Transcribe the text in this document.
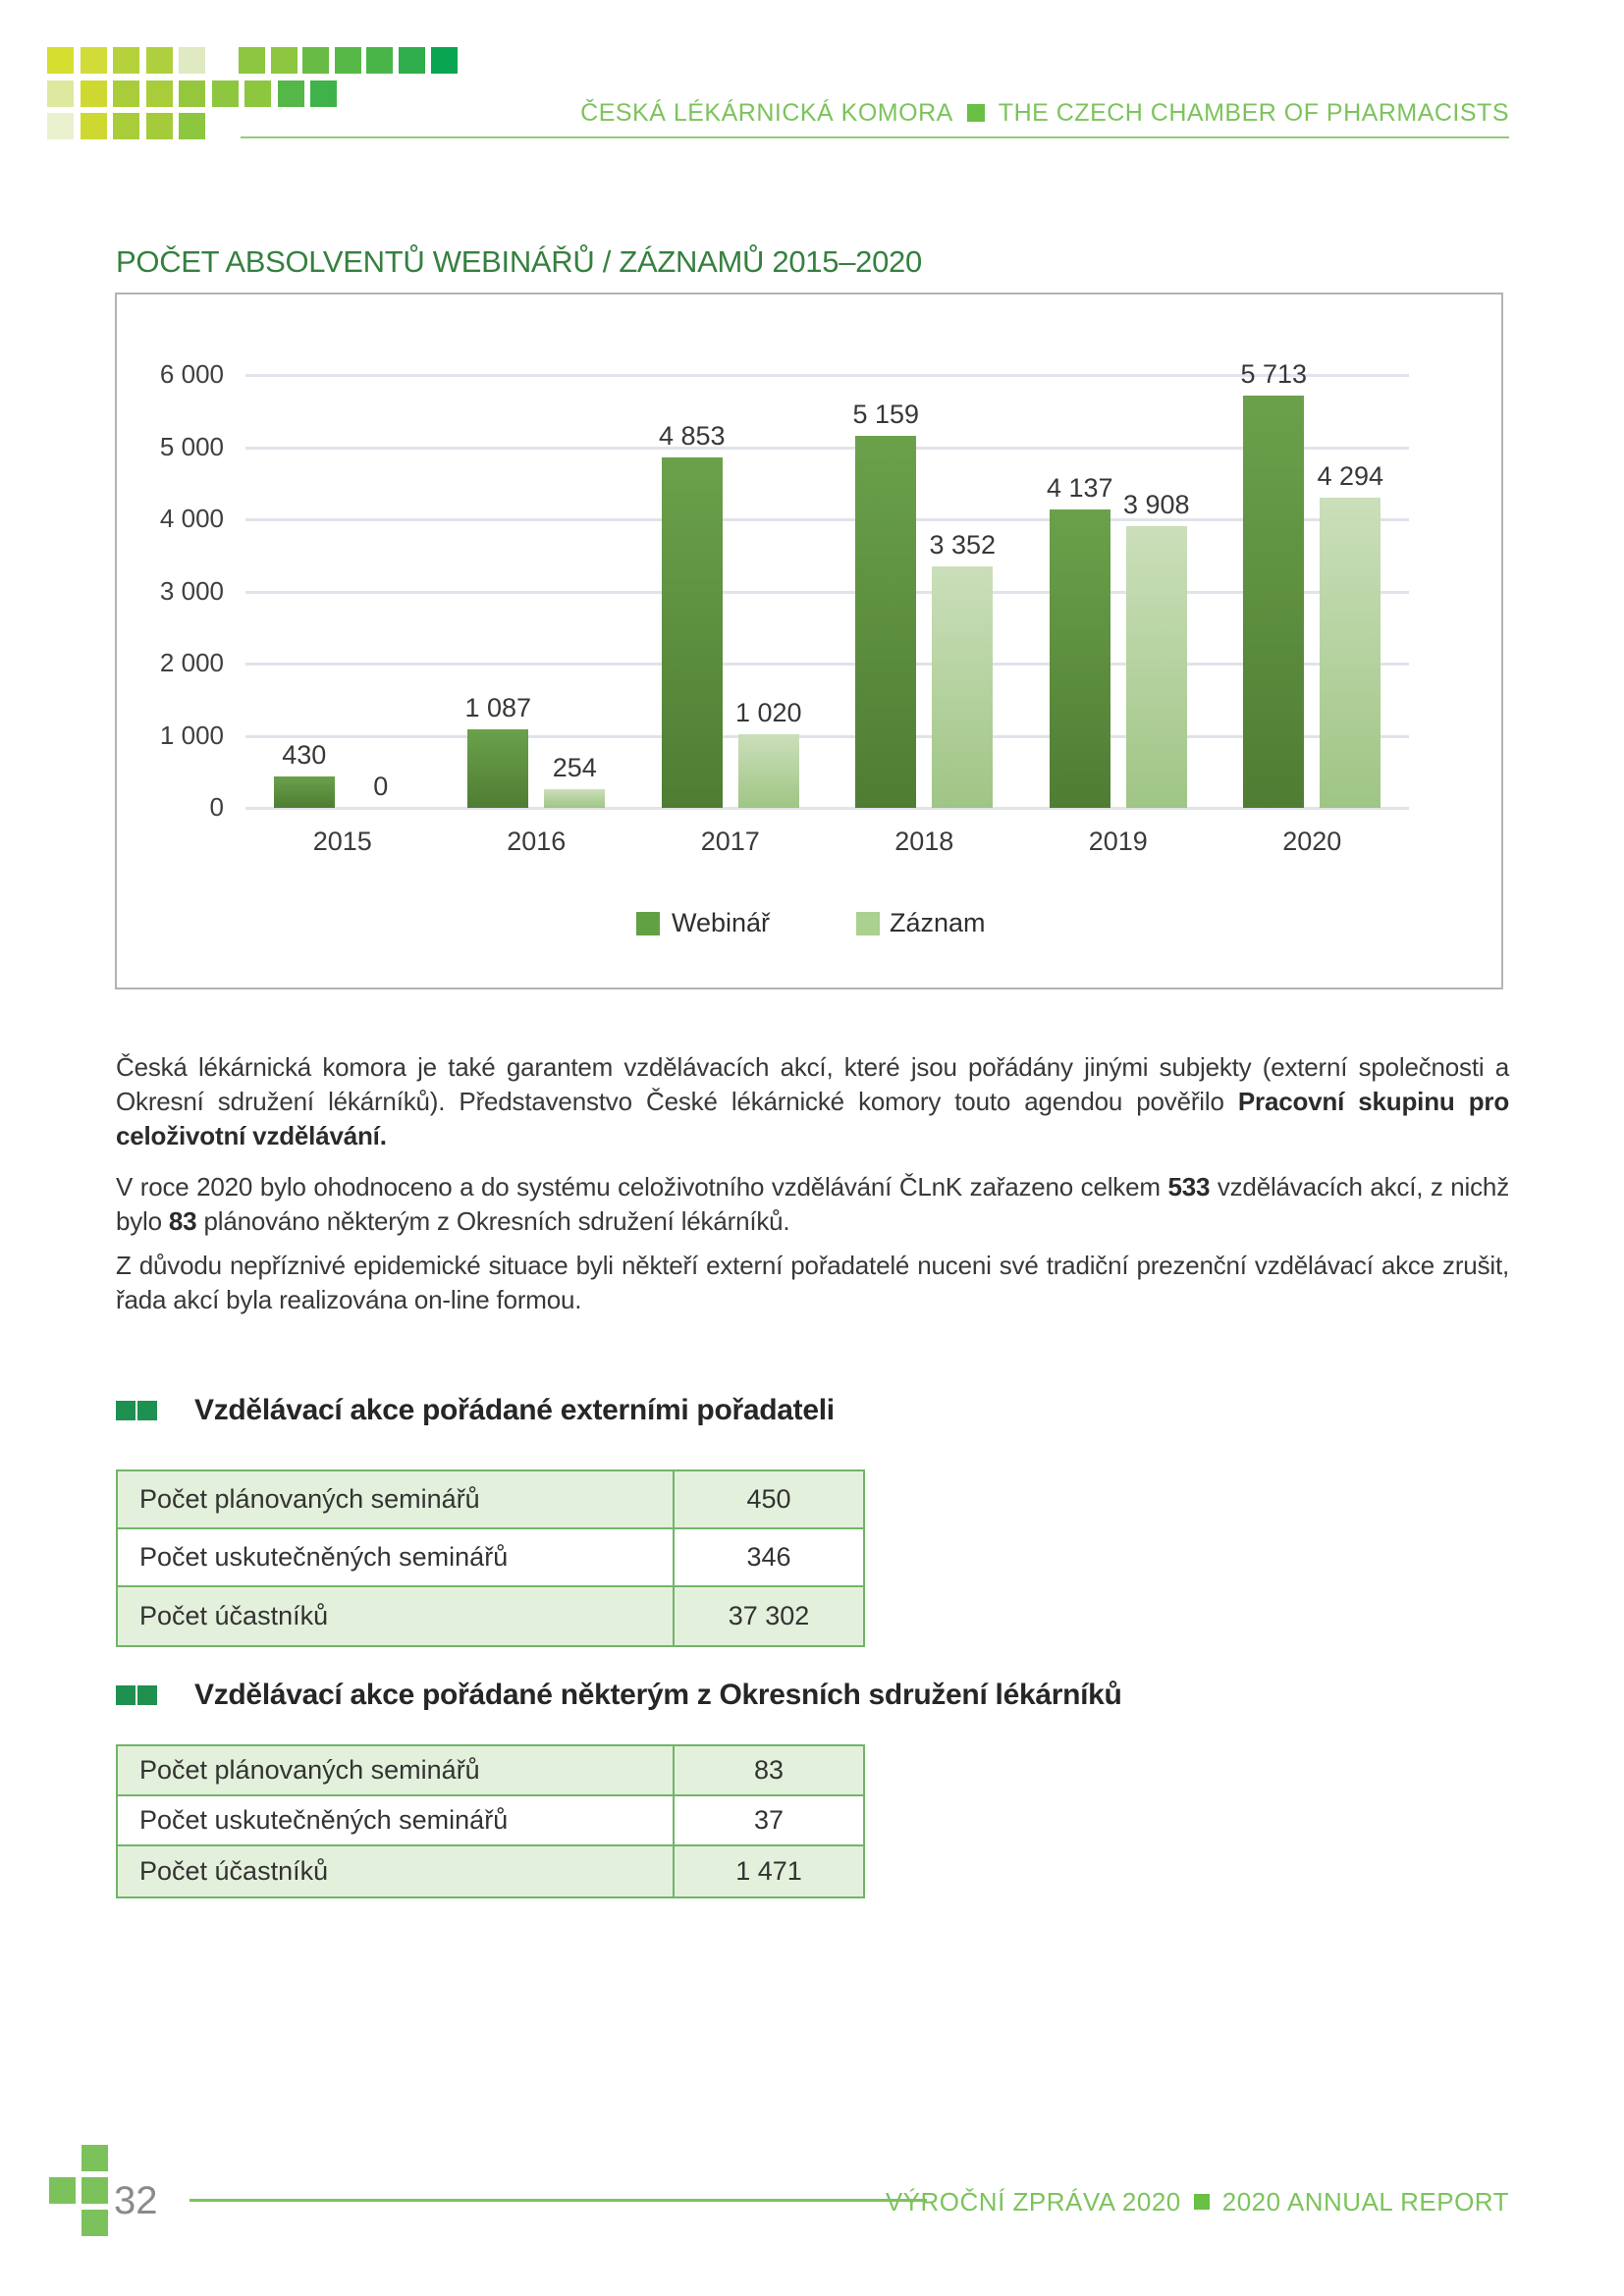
ČESKÁ LÉKÁRNICKÁ KOMORA THE CZECH CHAMBER OF PHARMACISTS
POČET ABSOLVENTŮ WEBINÁŘŮ / ZÁZNAMŮ 2015–2020
0
1 000
2 000
3 000
4 000
5 000
6 000
430
0
2015
1 087
254
2016
4 853
1 020
2017
5 159
3 352
2018
4 137
3 908
2019
5 713
4 294
2020
Webinář	Záznam

Česká lékárnická komora je také garantem vzdělávacích akcí, které jsou pořádány jinými subjekty (externí společnosti a Okresní sdružení lékárníků). Představenstvo České lékárnické komory touto agendou pověřilo Pracovní skupinu pro celoživotní vzdělávání.

V roce 2020 bylo ohodnoceno a do systému celoživotního vzdělávání ČLnK zařazeno celkem 533 vzdělávacích akcí, z nichž bylo 83 plánováno některým z Okresních sdružení lékárníků.

Z důvodu nepříznivé epidemické situace byli někteří externí pořadatelé nuceni své tradiční prezenční vzdělávací akce zrušit, řada akcí byla realizována on-line formou.

Vzdělávací akce pořádané externími pořadateli
Počet plánovaných seminářů	450
Počet uskutečněných seminářů	346
Počet účastníků	37 302
Vzdělávací akce pořádané některým z Okresních sdružení lékárníků
Počet plánovaných seminářů	83
Počet uskutečněných seminářů	37
Počet účastníků	1 471
32	VÝROČNÍ ZPRÁVA 2020 2020 ANNUAL REPORT
